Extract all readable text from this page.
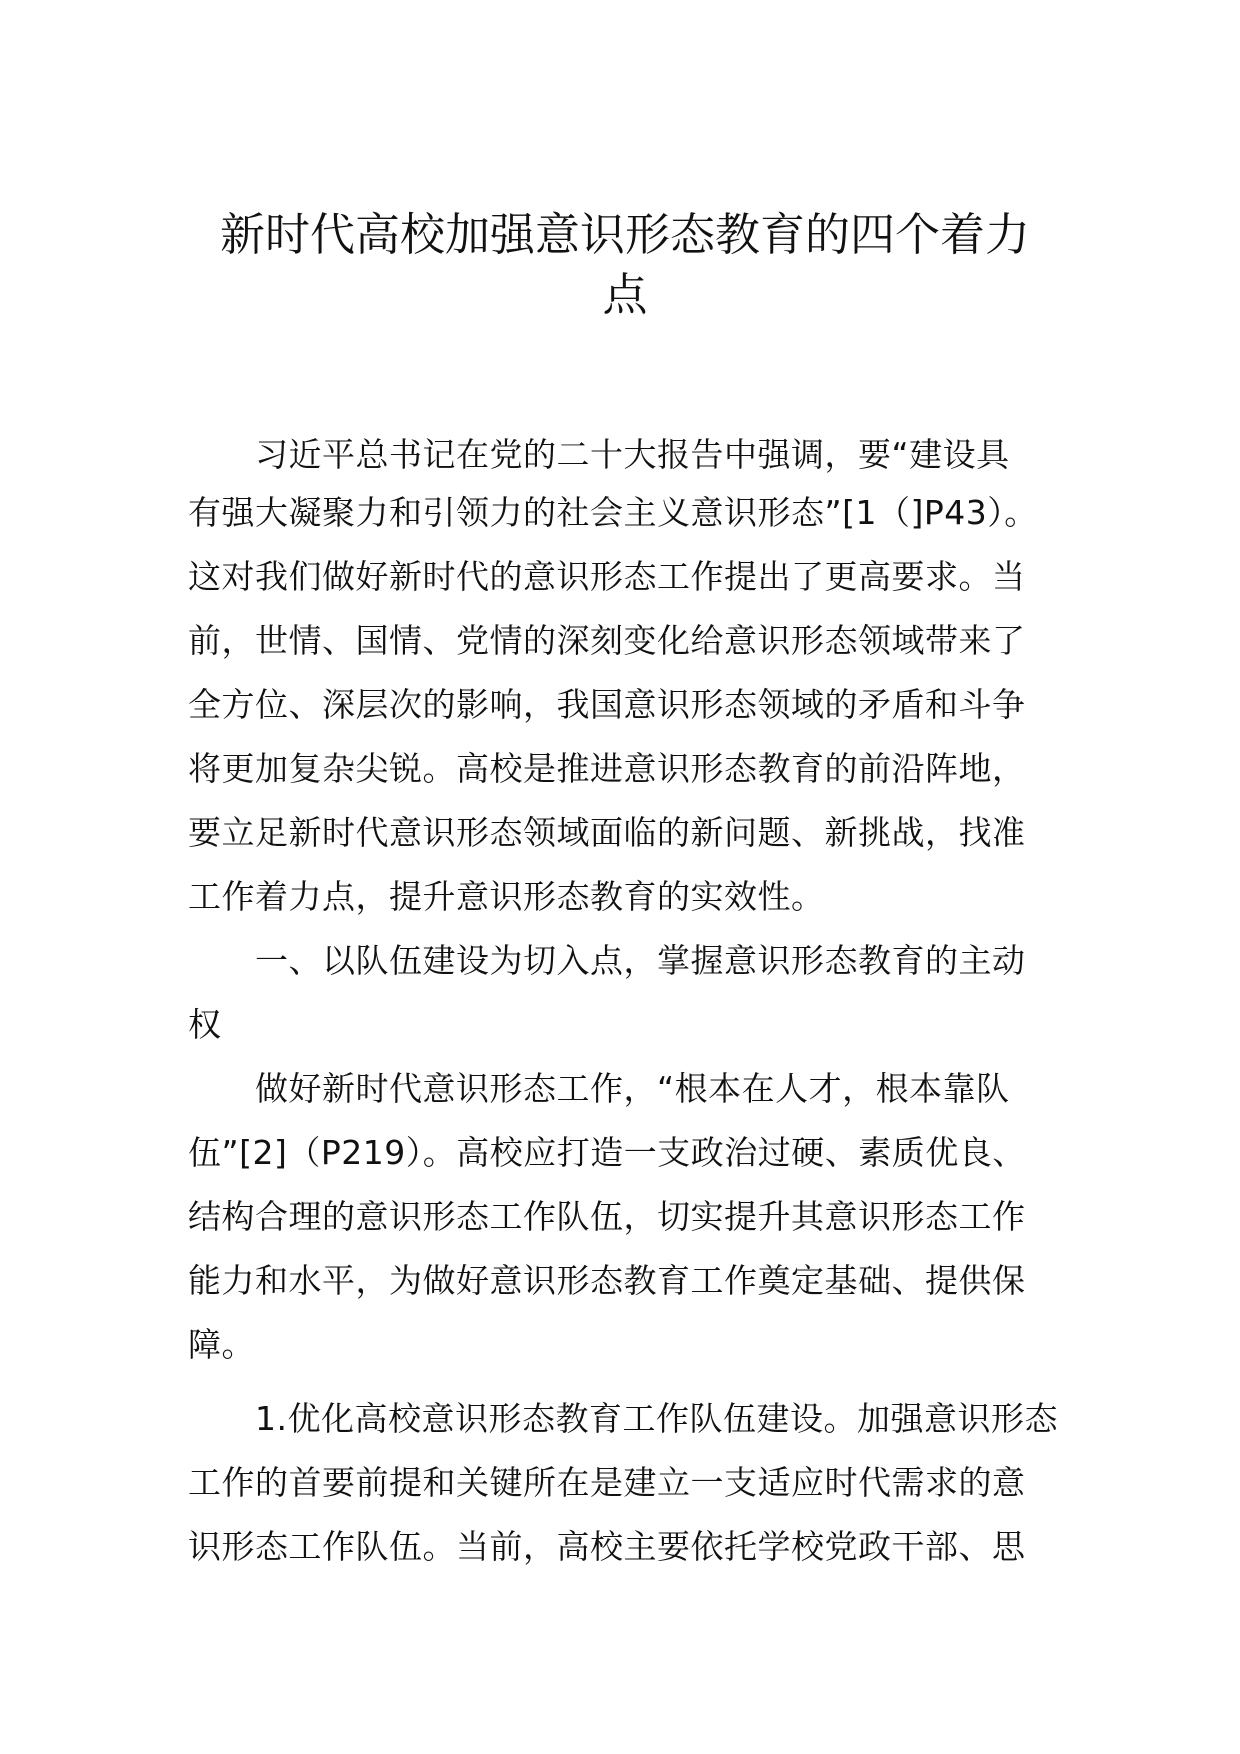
新时代高校加强意识形态教育的四个着力
点
习近平总书记在党的二十大报告中强调，要“建设具
有强大凝聚力和引领力的社会主义意识形态”[1（]P43）。
这对我们做好新时代的意识形态工作提出了更高要求。当
前，世情、国情、党情的深刻变化给意识形态领域带来了
全方位、深层次的影响，我国意识形态领域的矛盾和斗争
将更加复杂尖锐。高校是推进意识形态教育的前沿阵地，
要立足新时代意识形态领域面临的新问题、新挑战，找准
工作着力点，提升意识形态教育的实效性。
一、以队伍建设为切入点，掌握意识形态教育的主动
权
做好新时代意识形态工作，“根本在人才，根本靠队
伍”[2]（P219）。高校应打造一支政治过硬、素质优良、
结构合理的意识形态工作队伍，切实提升其意识形态工作
能力和水平，为做好意识形态教育工作奠定基础、提供保
障。
1.优化高校意识形态教育工作队伍建设。加强意识形态
工作的首要前提和关键所在是建立一支适应时代需求的意
识形态工作队伍。当前，高校主要依托学校党政干部、思
